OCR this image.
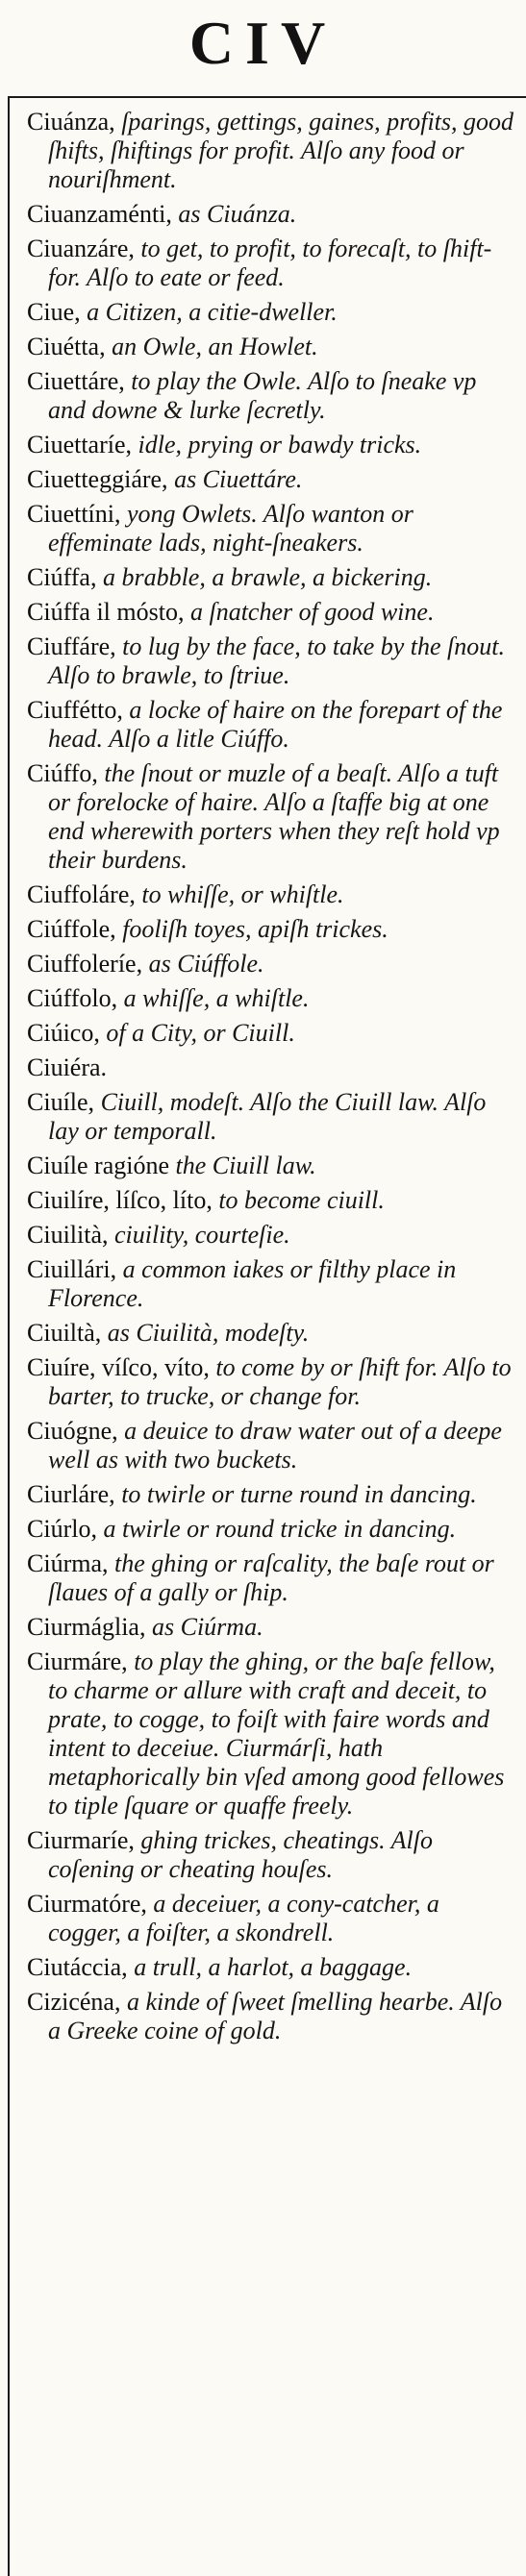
CIV

Ciuánza, ſparings, gettings, gaines, profits, good ſhifts, ſhiftings for profit. Alſo any food or nouriſhment.

Ciuanzaménti, as Ciuánza.

Ciuanzáre, to get, to profit, to forecaſt, to ſhift-for. Alſo to eate or feed.

Ciue, a Citizen, a citie-dweller.

Ciuétta, an Owle, an Howlet.

Ciuettáre, to play the Owle. Alſo to ſneake vp and downe & lurke ſecretly.

Ciuettaríe, idle, prying or bawdy tricks.

Ciuetteggiáre, as Ciuettáre.

Ciuettíni, yong Owlets. Alſo wanton or effeminate lads, night-ſneakers.

Ciúffa, a brabble, a brawle, a bickering.

Ciúffa il mósto, a ſnatcher of good wine.

Ciuffáre, to lug by the face, to take by the ſnout. Alſo to brawle, to ſtriue.

Ciuffétto, a locke of haire on the forepart of the head. Alſo a litle Ciúffo.

Ciúffo, the ſnout or muzle of a beaſt. Alſo a tuft or forelocke of haire. Alſo a ſtaffe big at one end wherewith porters when they reſt hold vp their burdens.

Ciuffoláre, to whiſſe, or whiſtle.

Ciúffole, fooliſh toyes, apiſh trickes.

Ciuffoleríe, as Ciúffole.

Ciúffolo, a whiſſe, a whiſtle.

Ciúico, of a City, or Ciuill.

Ciuiéra.

Ciuíle, Ciuill, modeſt. Alſo the Ciuill law. Alſo lay or temporall.

Ciuíle ragióne the Ciuill law.

Ciuilíre, líſco, líto, to become ciuill.

Ciuilità, ciuility, courteſie.

Ciuillári, a common iakes or filthy place in Florence.

Ciuiltà, as Ciuilità, modeſty.

Ciuíre, víſco, víto, to come by or ſhift for. Alſo to barter, to trucke, or change for.

Ciuógne, a deuice to draw water out of a deepe well as with two buckets.

Ciurláre, to twirle or turne round in dancing.

Ciúrlo, a twirle or round tricke in dancing.

Ciúrma, the ghing or raſcality, the baſe rout or ſlaues of a gally or ſhip.

Ciurmáglia, as Ciúrma.

Ciurmáre, to play the ghing, or the baſe fellow, to charme or allure with craft and deceit, to prate, to cogge, to foiſt with faire words and intent to deceiue. Ciurmárſi, hath metaphorically bin vſed among good fellowes to tiple ſquare or quaffe freely.

Ciurmaríe, ghing trickes, cheatings. Alſo coſening or cheating houſes.

Ciurmatóre, a deceiuer, a cony-catcher, a cogger, a foiſter, a skondrell.

Ciutáccia, a trull, a harlot, a baggage.

Cizicéna, a kinde of ſweet ſmelling hearbe. Alſo a Greeke coine of gold.
